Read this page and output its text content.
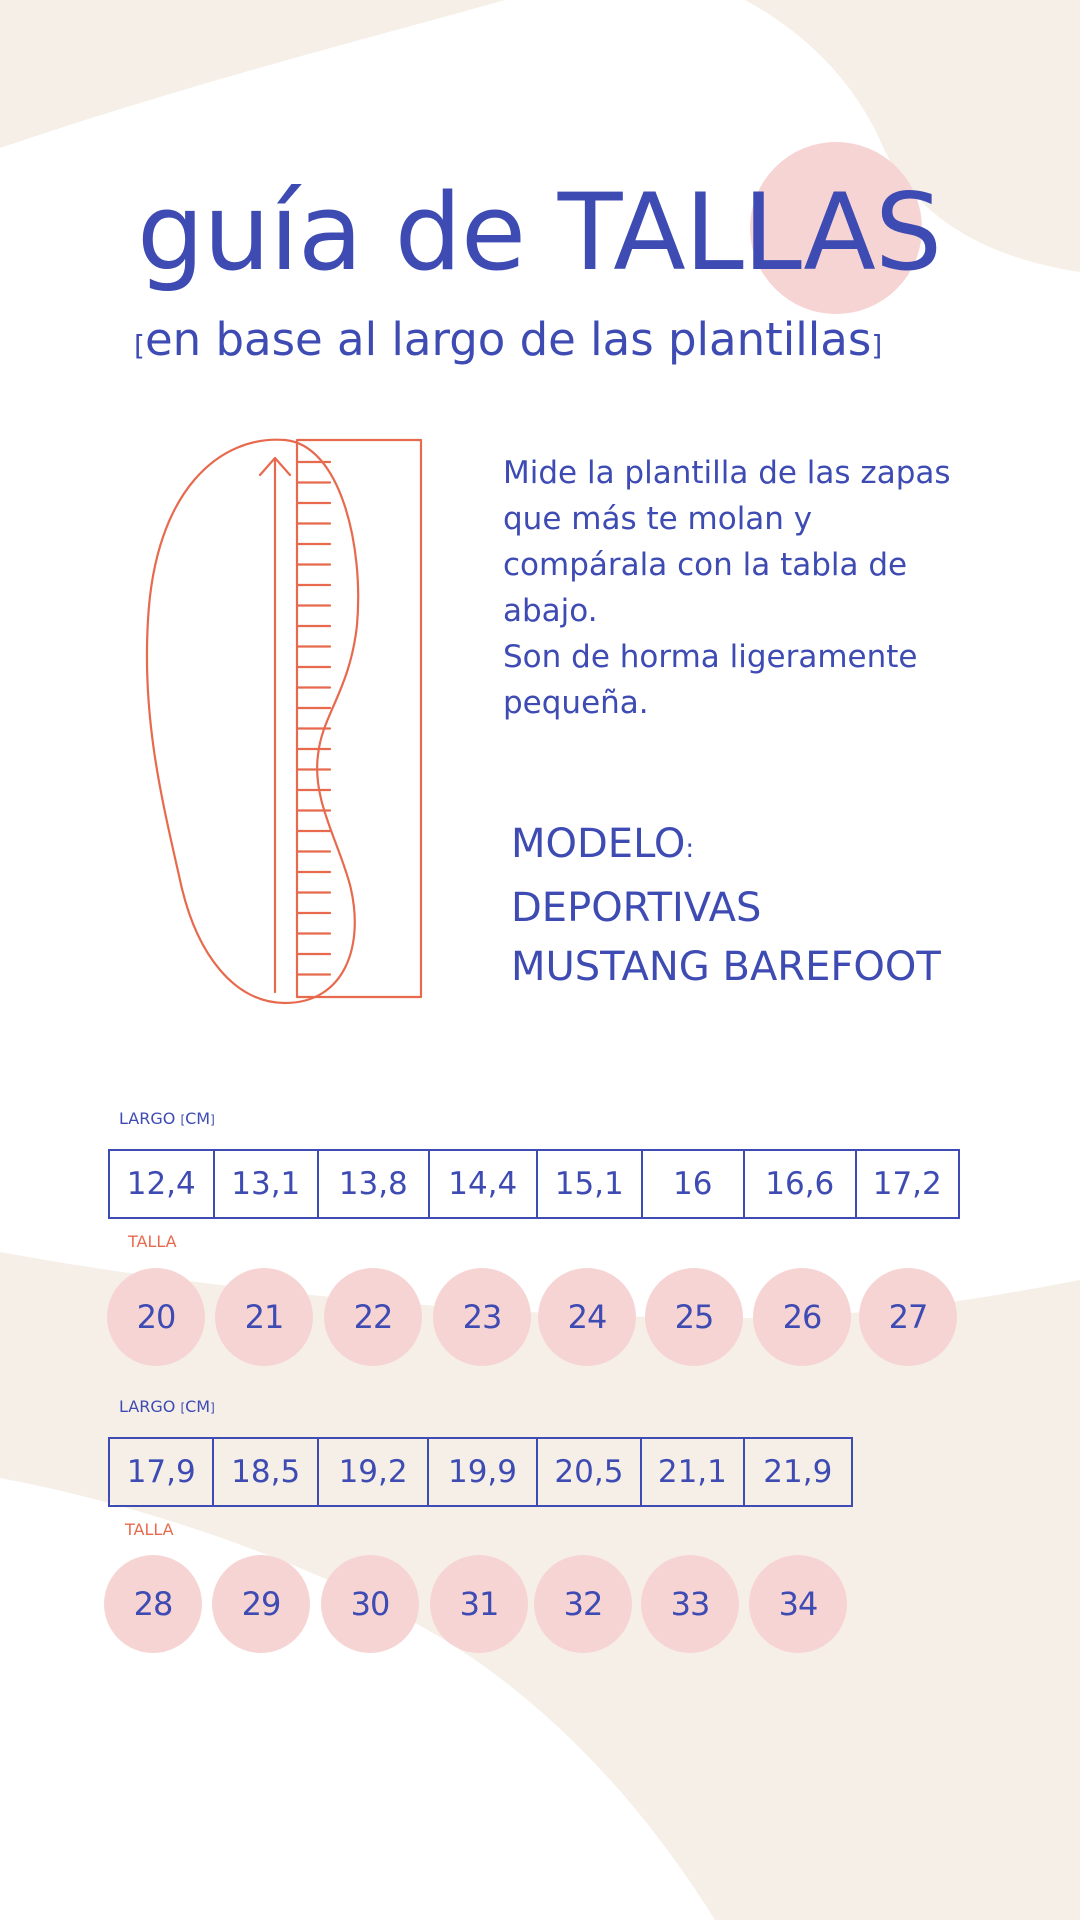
guía de TALLAS
[en base al largo de las plantillas]

Mide la plantilla de las zapas que más te molan y compárala con la tabla de abajo.

Son de horma ligeramente pequeña.

MODELO:
DEPORTIVAS
MUSTANG BAREFOOT
LARGO [CM]
12,4	13,1	13,8	14,4	15,1	16	16,6	17,2
TALLA
20	21	22	23	24	25	26	27
LARGO [CM]
17,9	18,5	19,2	19,9	20,5	21,1	21,9
TALLA
28	29	30	31	32	33	34
